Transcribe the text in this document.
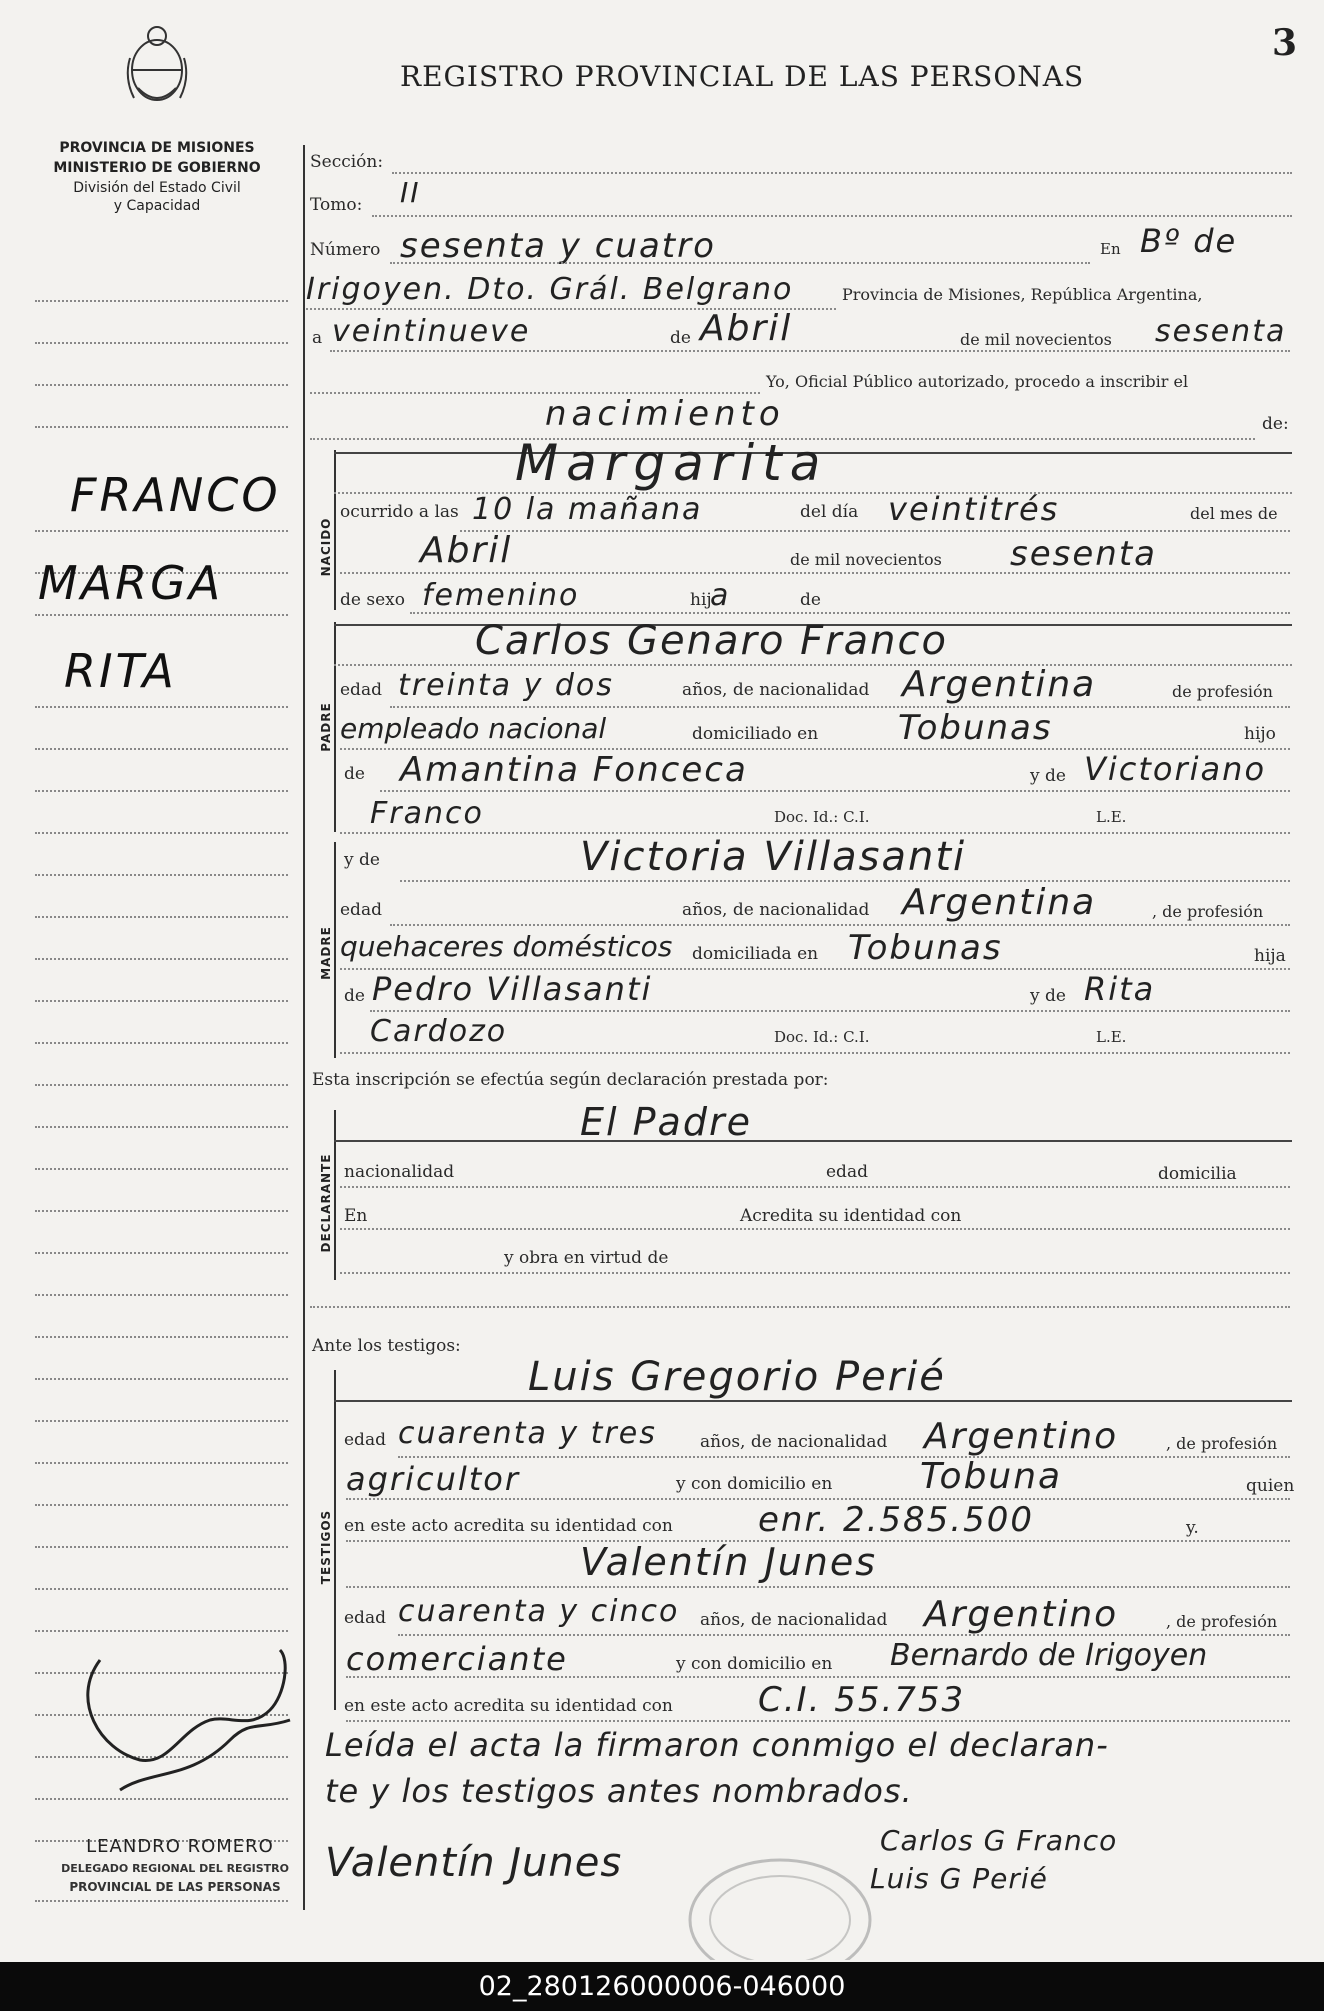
REGISTRO PROVINCIAL DE LAS PERSONAS
3
PROVINCIA DE MISIONES
MINISTERIO DE GOBIERNO
División del Estado Civil
y Capacidad
FRANCO
MARGA
RITA
Sección:
Tomo: II
Número sesenta y cuatro	En Bº de
Irigoyen. Dto. Grál. Belgrano	Provincia de Misiones, República Argentina,
a veintinueve	de Abril	de mil novecientos sesenta
Yo, Oficial Público autorizado, procedo a inscribir el
nacimiento	de:
NACIDO
Margarita
ocurrido a las 10 la mañana	del día veintitrés	del mes de
Abril	de mil novecientos sesenta
de sexo femenino	hij
a	de
PADRE
Carlos Genaro Franco
edad treinta y dos	años, de nacionalidad Argentina	de profesión
empleado nacional	domiciliado en Tobunas	hijo
de Amantina Fonceca	y de Victoriano
Franco	Doc. Id.: C.I.	L.E.
MADRE
y de	Victoria Villasanti
edad	años, de nacionalidad Argentina	, de profesión
quehaceres domésticos domiciliada en Tobunas	hija
de Pedro Villasanti	y de Rita
Cardozo	Doc. Id.: C.I.	L.E.
Esta inscripción se efectúa según declaración prestada por:
DECLARANTE
El Padre
nacionalidad	edad	domicilia
En	Acredita su identidad con
y obra en virtud de
Ante los testigos:
TESTIGOS
Luis Gregorio Perié
edad cuarenta y tres	años, de nacionalidad Argentino	, de profesión
agricultor	y con domicilio en Tobuna	quien
en este acto acredita su identidad con	enr. 2.585.500	y.
Valentín Junes
edad cuarenta y cinco años, de nacionalidad Argentino	, de profesión
comerciante	y con domicilio en Bernardo de Irigoyen
en este acto acredita su identidad con	C.I. 55.753
Leída el acta la firmaron conmigo el declaran-
te y los testigos antes nombrados.
Valentín Junes	Carlos G Franco
Luis G Perié
LEANDRO ROMERO
DELEGADO REGIONAL DEL REGISTRO
PROVINCIAL DE LAS PERSONAS
02_280126000006-046000
